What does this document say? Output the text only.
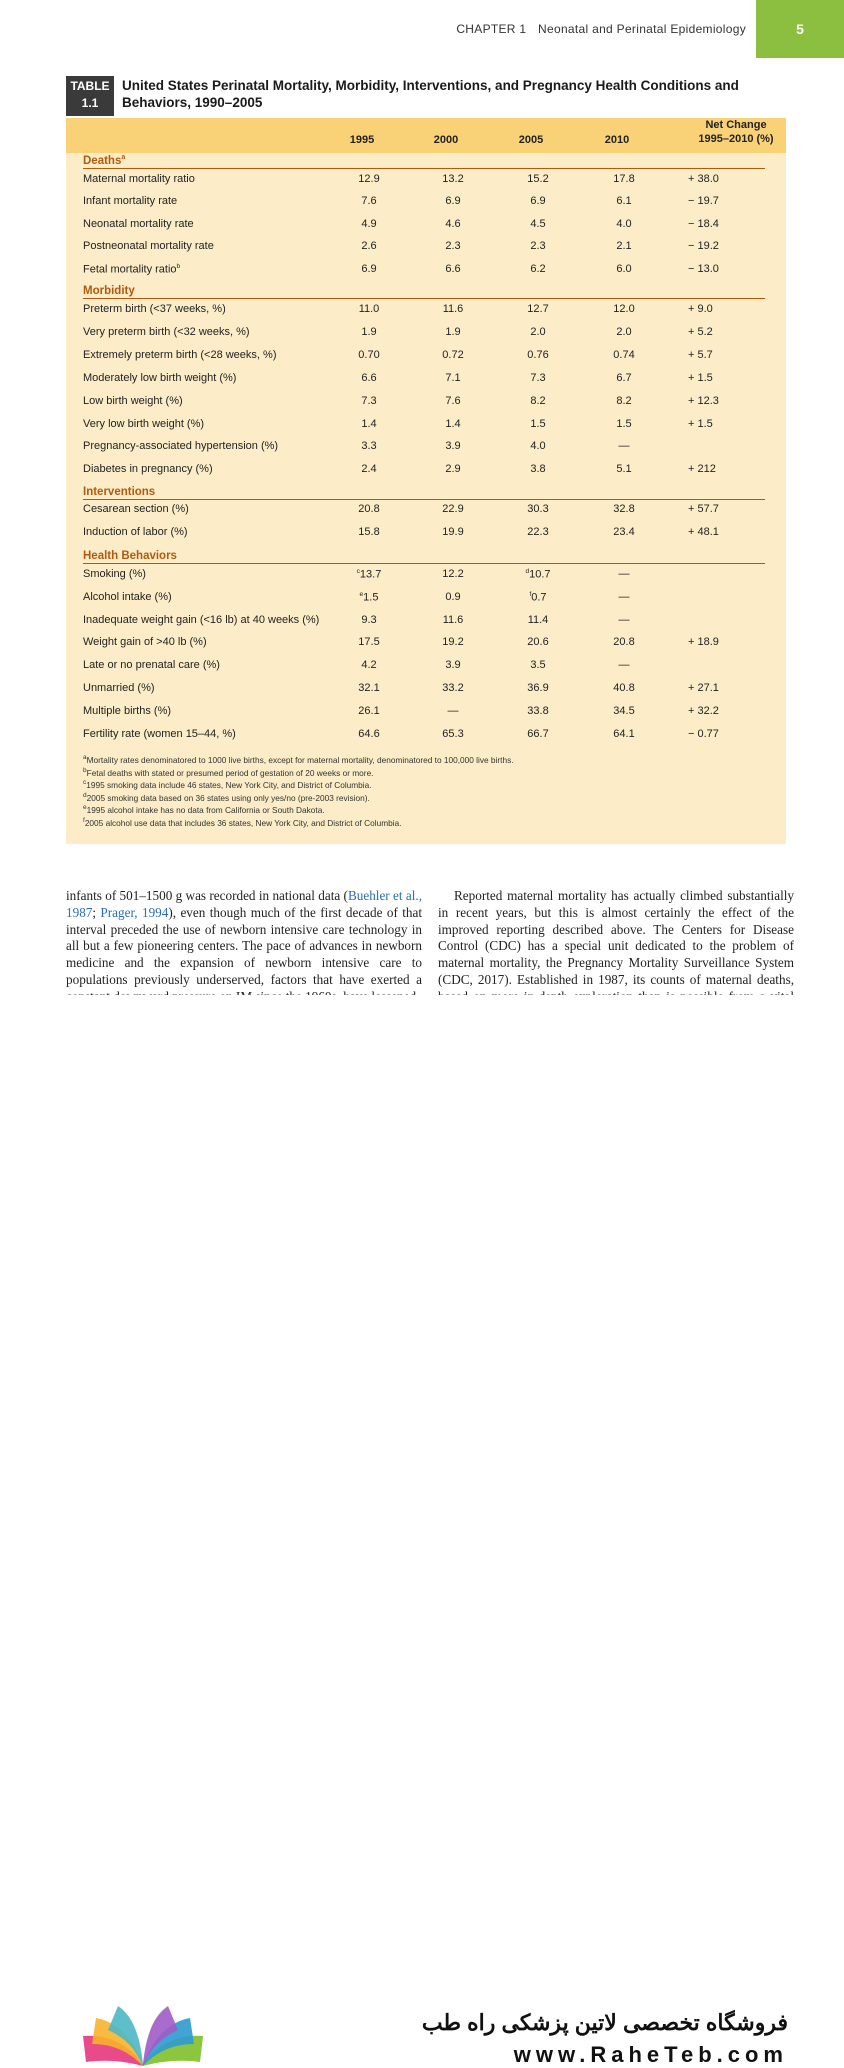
CHAPTER 1 Neonatal and Perinatal Epidemiology	5
TABLE
1.1
United States Perinatal Mortality, Morbidity, Interventions, and Pregnancy Health Conditions and Behaviors, 1990–2005
1995	2000	2005	2010
Net Change
1995–2010 (%)
Deaths$^a$
Morbidity
Interventions
Health Behaviors
Maternal mortality ratio	12.9	13.2	15.2	17.8	+ 38.0
Infant mortality rate	7.6	6.9	6.9	6.1	− 19.7
Neonatal mortality rate	4.9	4.6	4.5	4.0	− 18.4
Postneonatal mortality rate	2.6	2.3	2.3	2.1	− 19.2
Fetal mortality ratio$^b$	6.9	6.6	6.2	6.0	− 13.0
Preterm birth (<37 weeks, %)	11.0	11.6	12.7	12.0	+ 9.0
Very preterm birth (<32 weeks, %)	1.9	1.9	2.0	2.0	+ 5.2
Extremely preterm birth (<28 weeks, %)	0.70	0.72	0.76	0.74	+ 5.7
Moderately low birth weight (%)	6.6	7.1	7.3	6.7	+ 1.5
Low birth weight (%)	7.3	7.6	8.2	8.2	+ 12.3
Very low birth weight (%)	1.4	1.4	1.5	1.5	+ 1.5
Pregnancy-associated hypertension (%)	3.3	3.9	4.0	—
Diabetes in pregnancy (%)	2.4	2.9	3.8	5.1	+ 212
Cesarean section (%)	20.8	22.9	30.3	32.8	+ 57.7
Induction of labor (%)	15.8	19.9	22.3	23.4	+ 48.1
Smoking (%)	$^c$13.7	12.2	$^d$10.7	—
Alcohol intake (%)	$^e$1.5	0.9	$^f$0.7	—
Inadequate weight gain (<16 lb) at 40 weeks (%)	9.3	11.6	11.4	—
Weight gain of >40 lb (%)	17.5	19.2	20.6	20.8	+ 18.9
Late or no prenatal care (%)	4.2	3.9	3.5	—
Unmarried (%)	32.1	33.2	36.9	40.8	+ 27.1
Multiple births (%)	26.1	—	33.8	34.5	+ 32.2
Fertility rate (women 15–44, %)	64.6	65.3	66.7	64.1	− 0.77
$^a$Mortality rates denominatored to 1000 live births, except for maternal mortality, denominatored to 100,000 live births.
$^b$Fetal deaths with stated or presumed period of gestation of 20 weeks or more.
$^c$1995 smoking data include 46 states, New York City, and District of Columbia.
$^d$2005 smoking data based on 36 states using only yes/no (pre-2003 revision).
$^e$1995 alcohol intake has no data from California or South Dakota.
$^f$2005 alcohol use data that includes 36 states, New York City, and District of Columbia.
infants of 501–1500 g was recorded in national data (Buehler et al., 1987; Prager, 1994), even though much of the first decade of that interval preceded the use of newborn intensive care technology in all but a few pioneering centers. The pace of advances in newborn medicine and the expansion of newborn intensive care to populations previously underserved, factors that have exerted a
Reported maternal mortality has actually climbed substantially in recent years, but this is almost certainly the effect of the improved reporting described above. The Centers for Disease Control (CDC) has a special unit dedicated to the problem of maternal mortality, the Pregnancy Mortality Surveillance System (CDC, 2017). Established in 1987, its counts of maternal deaths,
فروشگاه تخصصی لاتین پزشکی راه طب
www.RaheTeb.com
